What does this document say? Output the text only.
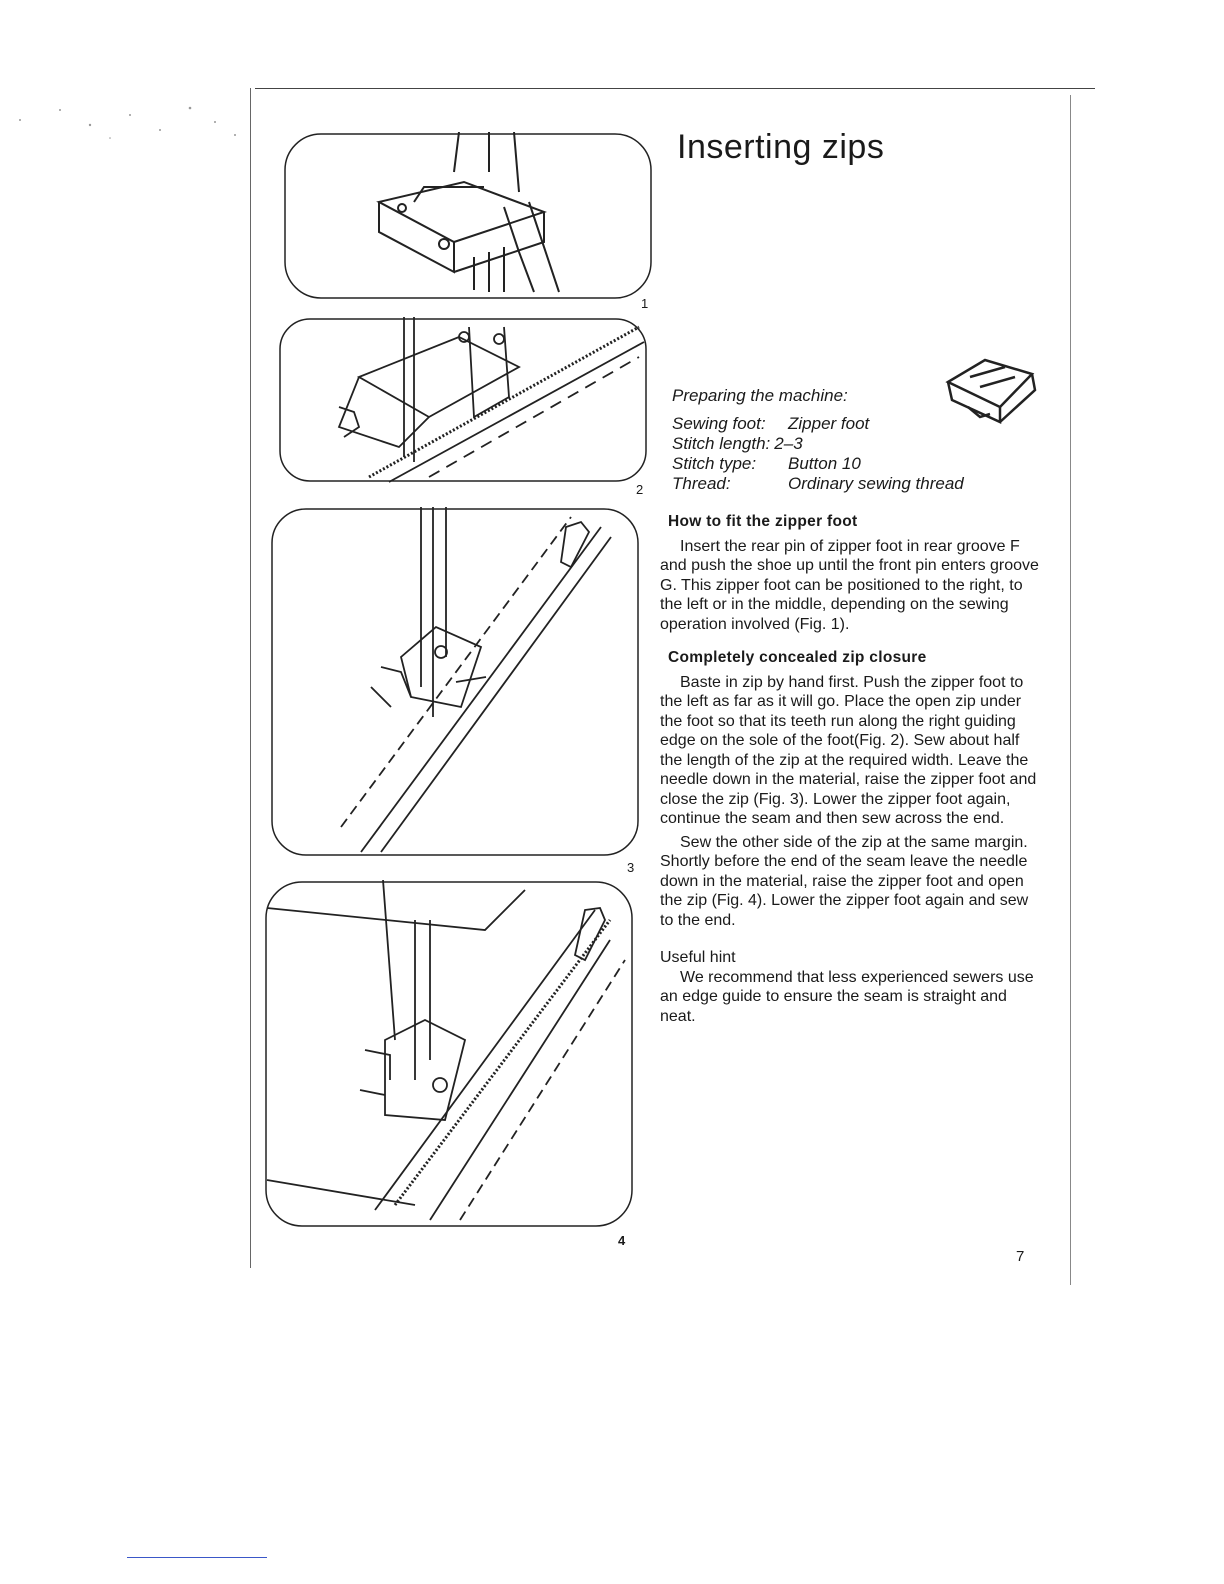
1
2
3
4
Inserting zips
Preparing the machine:
Sewing foot:	Zipper foot
Stitch length: 2–3
Stitch type:	Button 10
Thread:	Ordinary sewing thread
How to fit the zipper foot

Insert the rear pin of zipper foot in rear groove F and push the shoe up until the front pin enters groove G. This zipper foot can be positioned to the right, to the left or in the middle, depending on the sewing operation involved (Fig. 1).

Completely concealed zip closure

Baste in zip by hand first. Push the zipper foot to the left as far as it will go. Place the open zip under the foot so that its teeth run along the right guiding edge on the sole of the foot(Fig. 2). Sew about half the length of the zip at the required width. Leave the needle down in the material, raise the zipper foot and close the zip (Fig. 3). Lower the zipper foot again, continue the seam and then sew across the end.

Sew the other side of the zip at the same margin. Shortly before the end of the seam leave the needle down in the material, raise the zipper foot and open the zip (Fig. 4). Lower the zipper foot again and sew to the end.

Useful hint

We recommend that less experienced sewers use an edge guide to ensure the seam is straight and neat.

7
